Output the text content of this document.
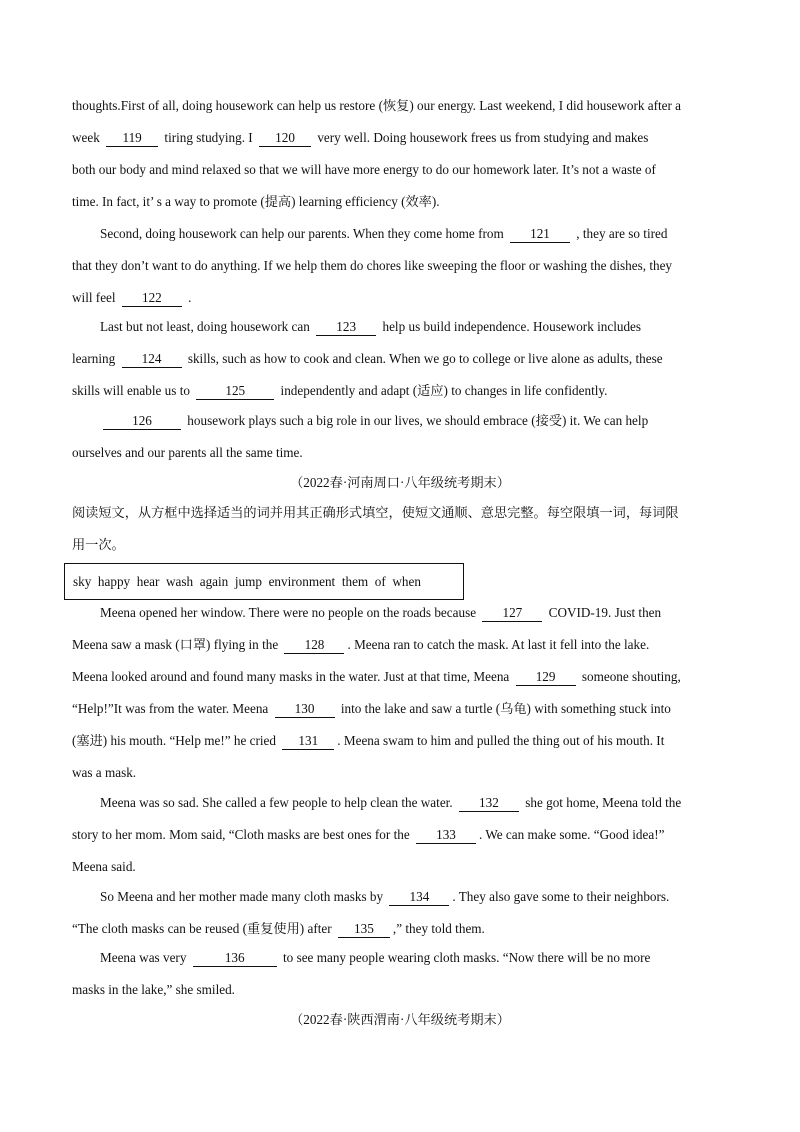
thoughts.First of all, doing housework can help us restore (恢复) our energy. Last weekend, I did housework after a
week 119 tiring studying. I 120 very well. Doing housework frees us from studying and makes
both our body and mind relaxed so that we will have more energy to do our homework later. It’s not a waste of
time. In fact, it’ s a way to promote (提高) learning efficiency (效率).
Second, doing housework can help our parents. When they come home from 121 , they are so tired
that they don’t want to do anything. If we help them do chores like sweeping the floor or washing the dishes, they
will feel 122 .
Last but not least, doing housework can 123 help us build independence. Housework includes
learning 124 skills, such as how to cook and clean. When we go to college or live alone as adults, these
skills will enable us to	125	independently and adapt (适应) to changes in life confidently.
126	housework plays such a big role in our lives, we should embrace (接受) it. We can help
ourselves and our parents all the same time.
（2022春·河南周口·八年级统考期末）
阅读短文，从方框中选择适当的词并用其正确形式填空，使短文通顺、意思完整。每空限填一词，每词限
用一次。
sky  happy  hear  wash  again  jump  environment  them  of  when
Meena opened her window. There were no people on the roads because 127 COVID-19. Just then
Meena saw a mask (口罩) flying in the 128 . Meena ran to catch the mask. At last it fell into the lake.
Meena looked around and found many masks in the water. Just at that time, Meena 129 someone shouting,
“Help!”It was from the water. Meena 130 into the lake and saw a turtle (乌龟) with something stuck into
(塞进) his mouth. “Help me!” he cried 131 . Meena swam to him and pulled the thing out of his mouth. It
was a mask.
Meena was so sad. She called a few people to help clean the water. 132 she got home, Meena told the
story to her mom. Mom said, “Cloth masks are best ones for the 133 . We can make some. “Good idea!”
Meena said.
So Meena and her mother made many cloth masks by 134 . They also gave some to their neighbors.
“The cloth masks can be reused (重复使用) after 135 ,” they told them.
Meena was very	136	to see many people wearing cloth masks. “Now there will be no more
masks in the lake,” she smiled.
（2022春·陕西渭南·八年级统考期末）
